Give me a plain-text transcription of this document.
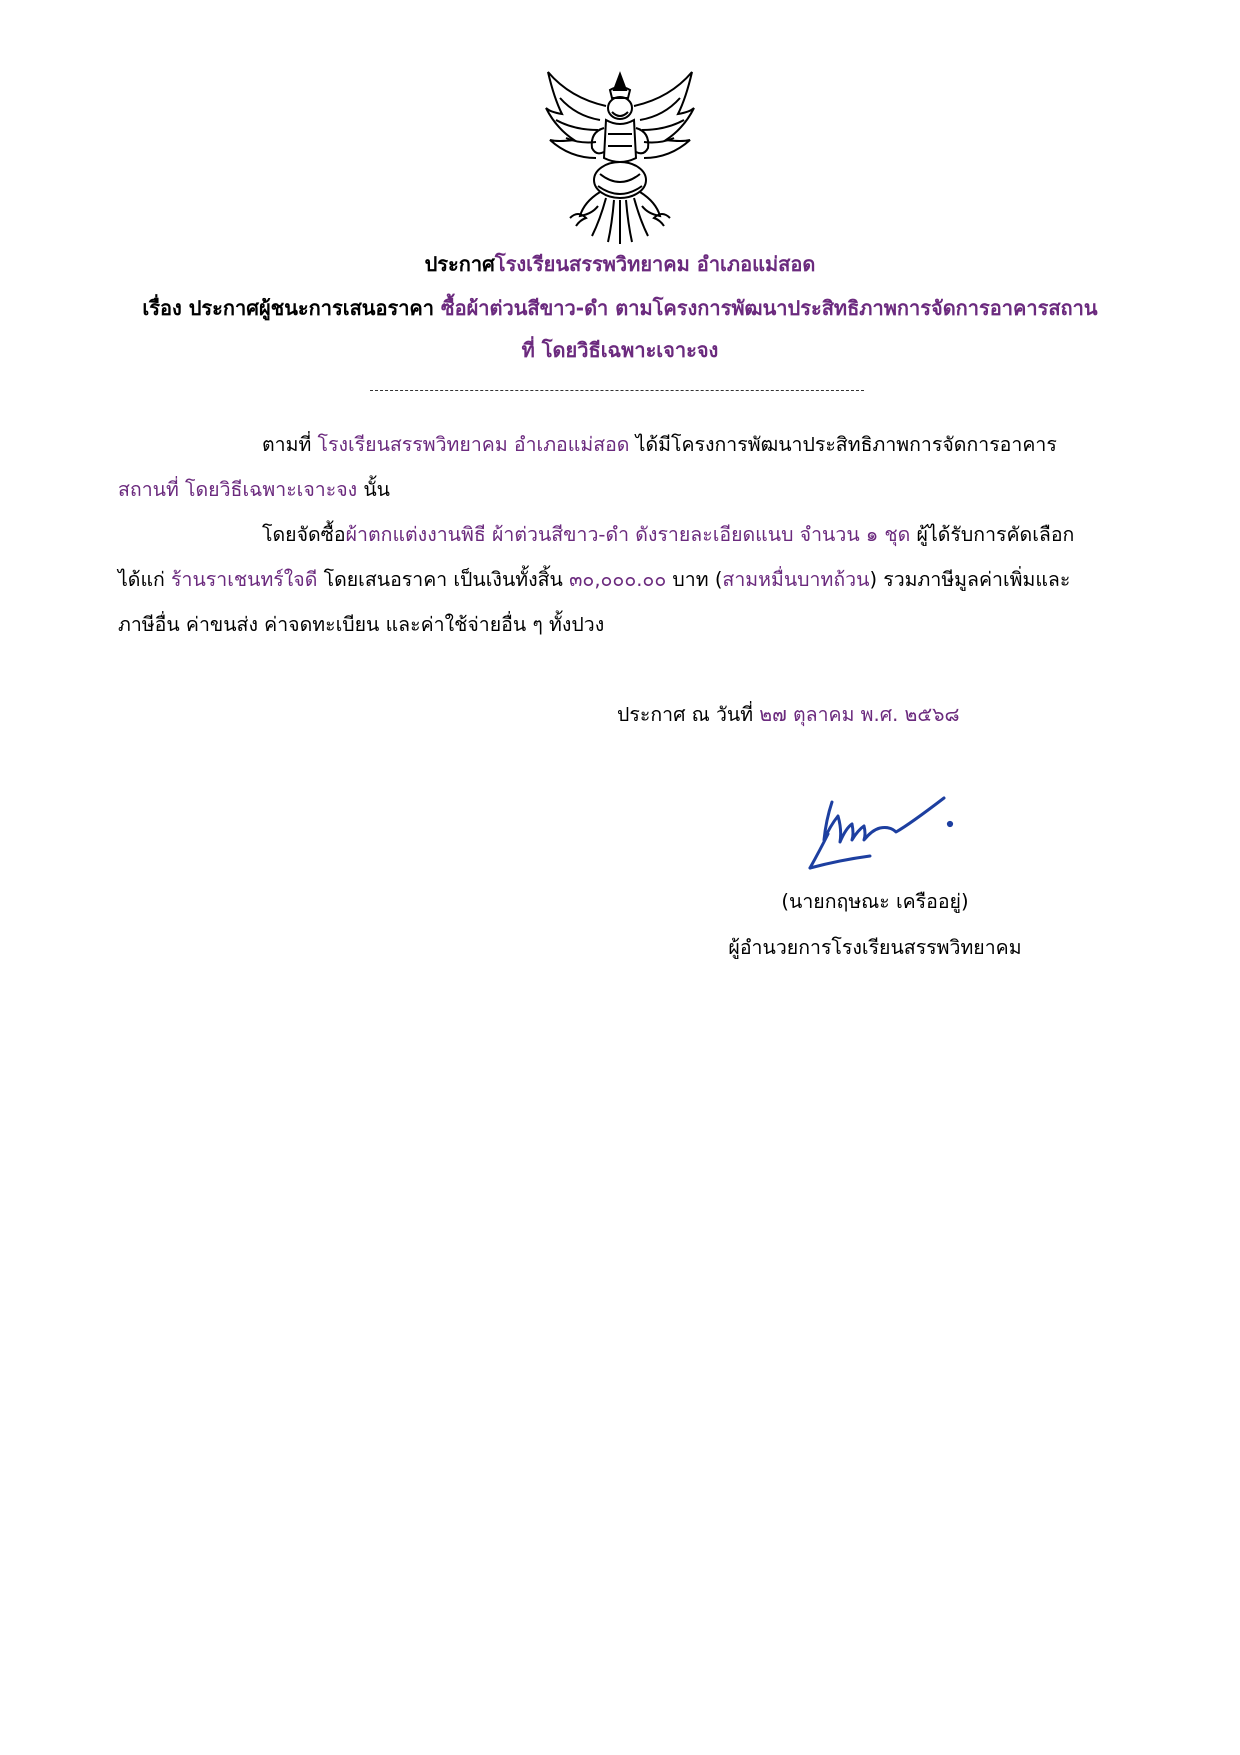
ประกาศโรงเรียนสรรพวิทยาคม อำเภอแม่สอด
เรื่อง ประกาศผู้ชนะการเสนอราคา ซื้อผ้าต่วนสีขาว-ดำ ตามโครงการพัฒนาประสิทธิภาพการจัดการอาคารสถาน
ที่ โดยวิธีเฉพาะเจาะจง
ตามที่ โรงเรียนสรรพวิทยาคม อำเภอแม่สอด ได้มีโครงการพัฒนาประสิทธิภาพการจัดการอาคาร
สถานที่ โดยวิธีเฉพาะเจาะจง นั้น
โดยจัดซื้อผ้าตกแต่งงานพิธี ผ้าต่วนสีขาว-ดำ ดังรายละเอียดแนบ จำนวน ๑ ชุด ผู้ได้รับการคัดเลือก
ได้แก่ ร้านราเชนทร์ใจดี โดยเสนอราคา เป็นเงินทั้งสิ้น ๓๐,๐๐๐.๐๐ บาท (สามหมื่นบาทถ้วน) รวมภาษีมูลค่าเพิ่มและ
ภาษีอื่น ค่าขนส่ง ค่าจดทะเบียน และค่าใช้จ่ายอื่น ๆ ทั้งปวง
ประกาศ ณ วันที่ ๒๗ ตุลาคม พ.ศ. ๒๕๖๘
(นายกฤษณะ เครืออยู่)
ผู้อำนวยการโรงเรียนสรรพวิทยาคม
